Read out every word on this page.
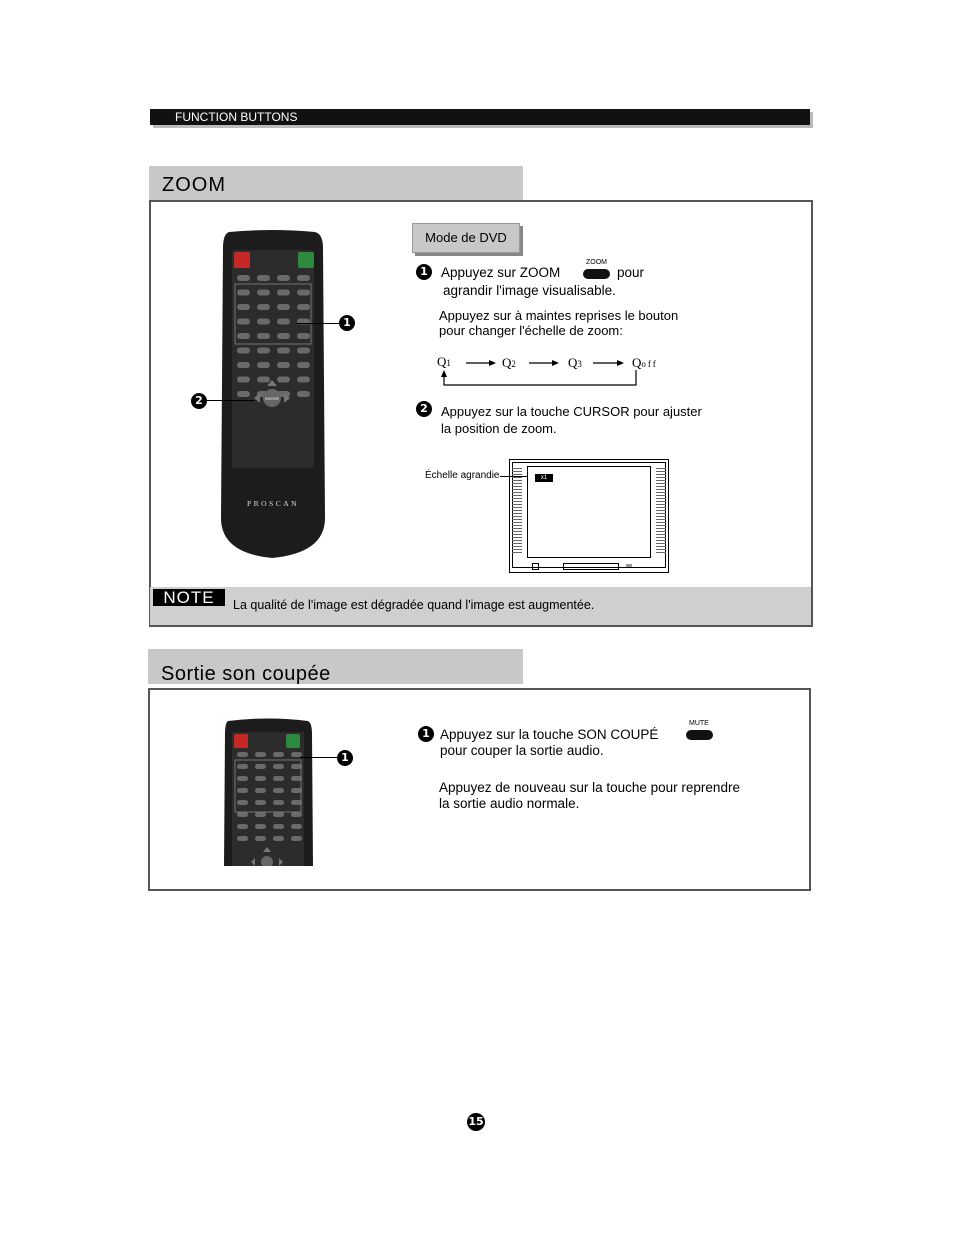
FUNCTION BUTTONS
ZOOM
ENTER
PROSCAN
1
2
Mode de DVD
1 Appuyez sur ZOOM
ZOOM
pour
agrandir l'image visualisable.
Appuyez sur à maintes reprises le bouton
pour changer l'échelle de zoom:
Q1	Q2	Q3	Qoff
2	Appuyez sur la touche CURSOR pour ajuster
la position de zoom.
Échelle agrandie	x1
NOTE	La qualité de l'image est dégradée quand l'image est augmentée.
Sortie son coupée
1
1 Appuyez sur la touche SON COUPÉ
MUTE
pour couper la sortie audio.
Appuyez de nouveau sur la touche pour reprendre
la sortie audio normale.
15
